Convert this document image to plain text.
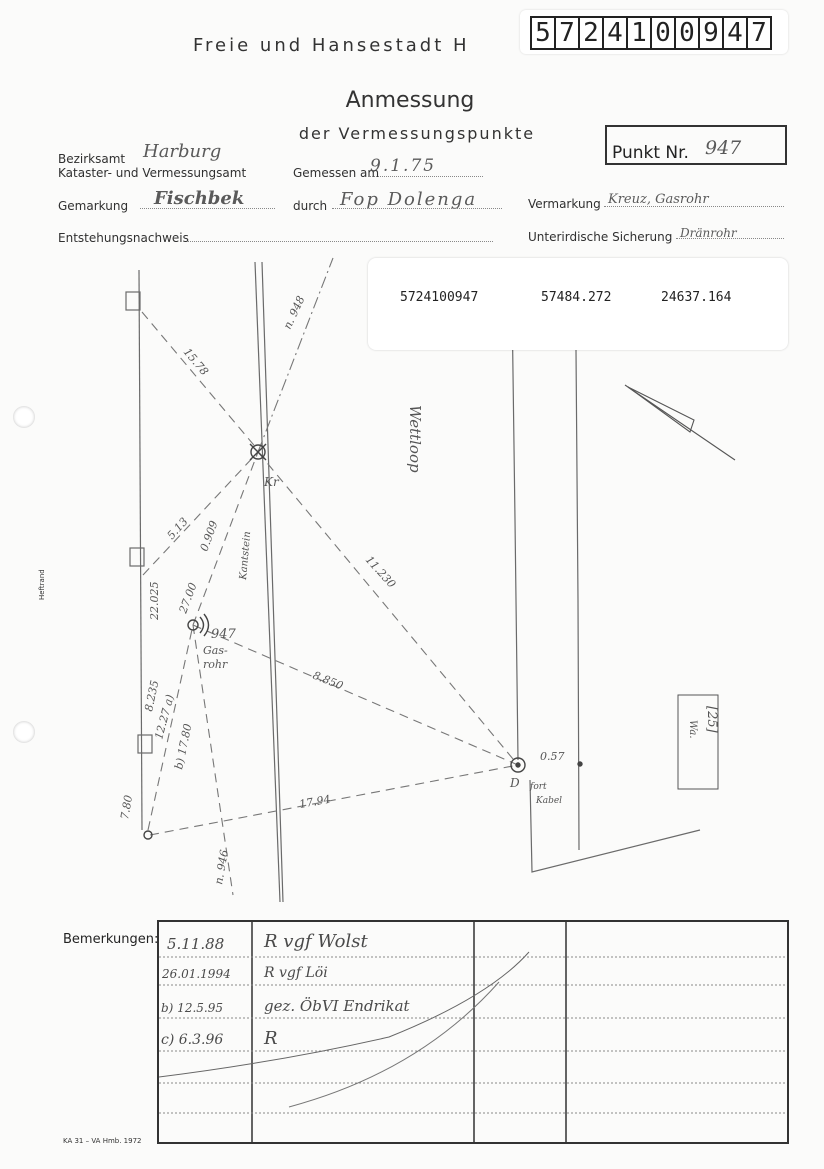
5 7 2 4 1 0 0 9 4 7
Freie und Hansestadt H
Anmessung
der Vermessungspunkte
Punkt Nr. 947
Bezirksamt Harburg
Kataster- und Vermessungsamt
Gemarkung Fischbek
Entstehungsnachweis
Gemessen am
9.1.75
durch Fop Dolenga	Vermarkung Kreuz, Gasrohr
Unterirdische Sicherung Dränrohr
15.78
11.230
17.94
8.850
5.13
22.025
0.909
27.00
12.27 a)
8.235
b) 17.80
7.80
0.57
n. 948
n. 946
Kantstein
Kr
947
Gas-
rohr
D fort
Kabel
Wettloop
Wa. [25]
5724100947	57484.272	24637.164
Heftrand
Bemerkungen: 5.11.88 R vgf Wolst
26.01.1994 R vgf Löi
b) 12.5.95	gez. ÖbVI Endrikat
c) 6.3.96 R
KA 31 – VA Hmb. 1972
